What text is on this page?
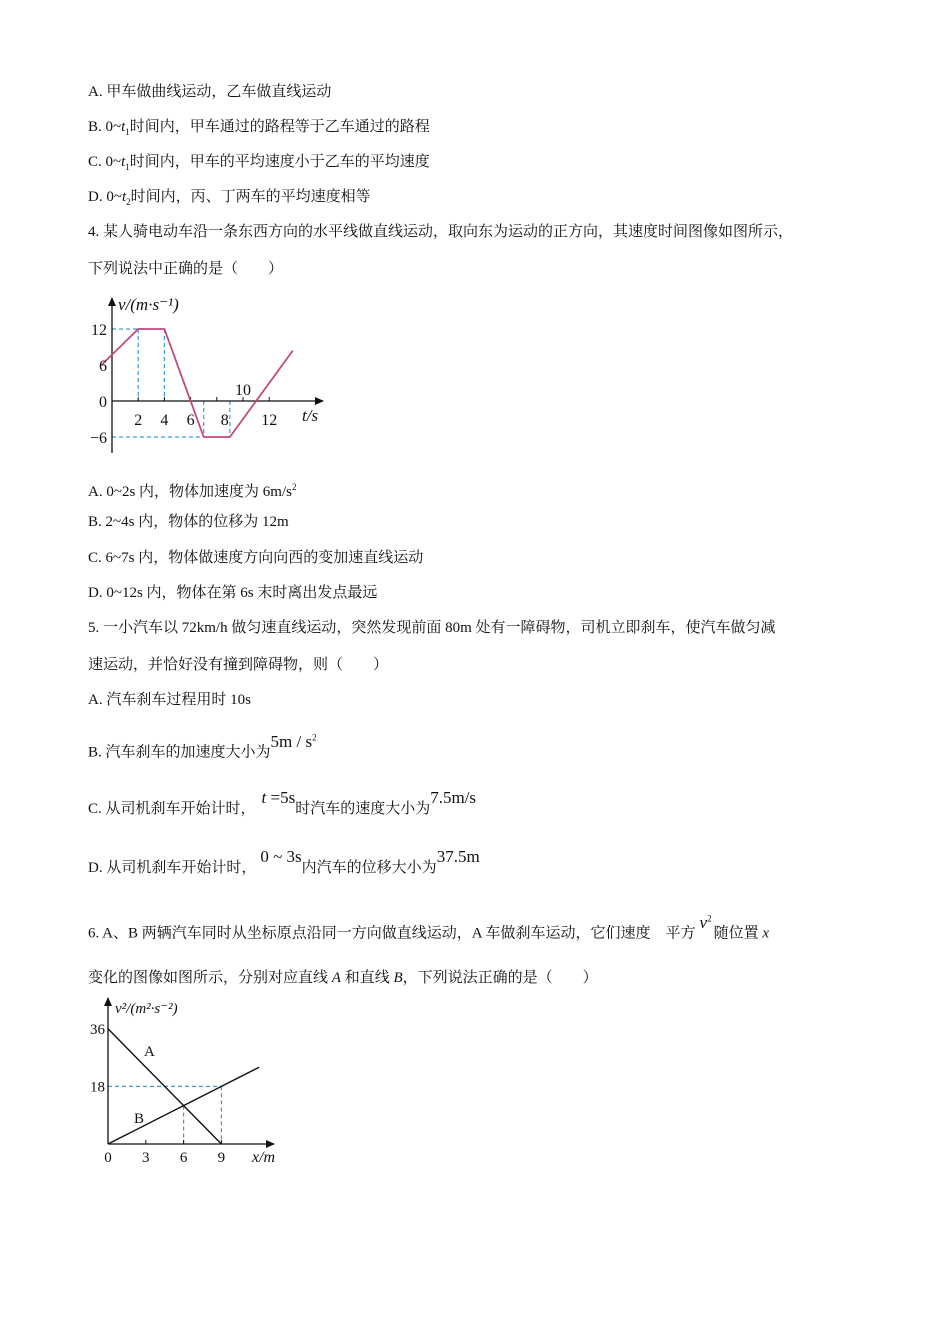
A. 甲车做曲线运动，乙车做直线运动
B. $0\sim t_1$时间内，甲车通过的路程等于乙车通过的路程
C. $0\sim t_1$时间内，甲车的平均速度小于乙车的平均速度
D. $0\sim t_2$时间内，丙、丁两车的平均速度相等
4. 某人骑电动车沿一条东西方向的水平线做直线运动，取向东为运动的正方向，其速度时间图像如图所示，
下列说法中正确的是（　　）
v/(m·s⁻¹)
t/s
2 4 6 8
10
12
12
6
0
−6
A. 0~2s 内，物体加速度为 $6m/s^2$
B. 2~4s 内，物体的位移为 12m
C. 6~7s 内，物体做速度方向向西的变加速直线运动
D. 0~12s 内，物体在第 6s 末时离出发点最远
5. 一小汽车以 72km/h 做匀速直线运动，突然发现前面 80m 处有一障碍物，司机立即刹车，使汽车做匀减
速运动，并恰好没有撞到障碍物，则（　　）
A. 汽车刹车过程用时 10s
B. 汽车刹车的加速度大小为$5m / s^2$
C. 从司机刹车开始计时，t =5s时汽车的速度大小为7.5m/s
D. 从司机刹车开始计时，0 ~ 3s内汽车的位移大小为37.5m
6. A、B 两辆汽车同时从坐标原点沿同一方向做直线运动，A 车做刹车运动，它们速度　平方$v^2$随位置 x
变化的图像如图所示，分别对应直线 A 和直线 B，下列说法正确的是（　　）
v²/(m²·s⁻²)
x/m
A
B
0 3 6 9
36
18
